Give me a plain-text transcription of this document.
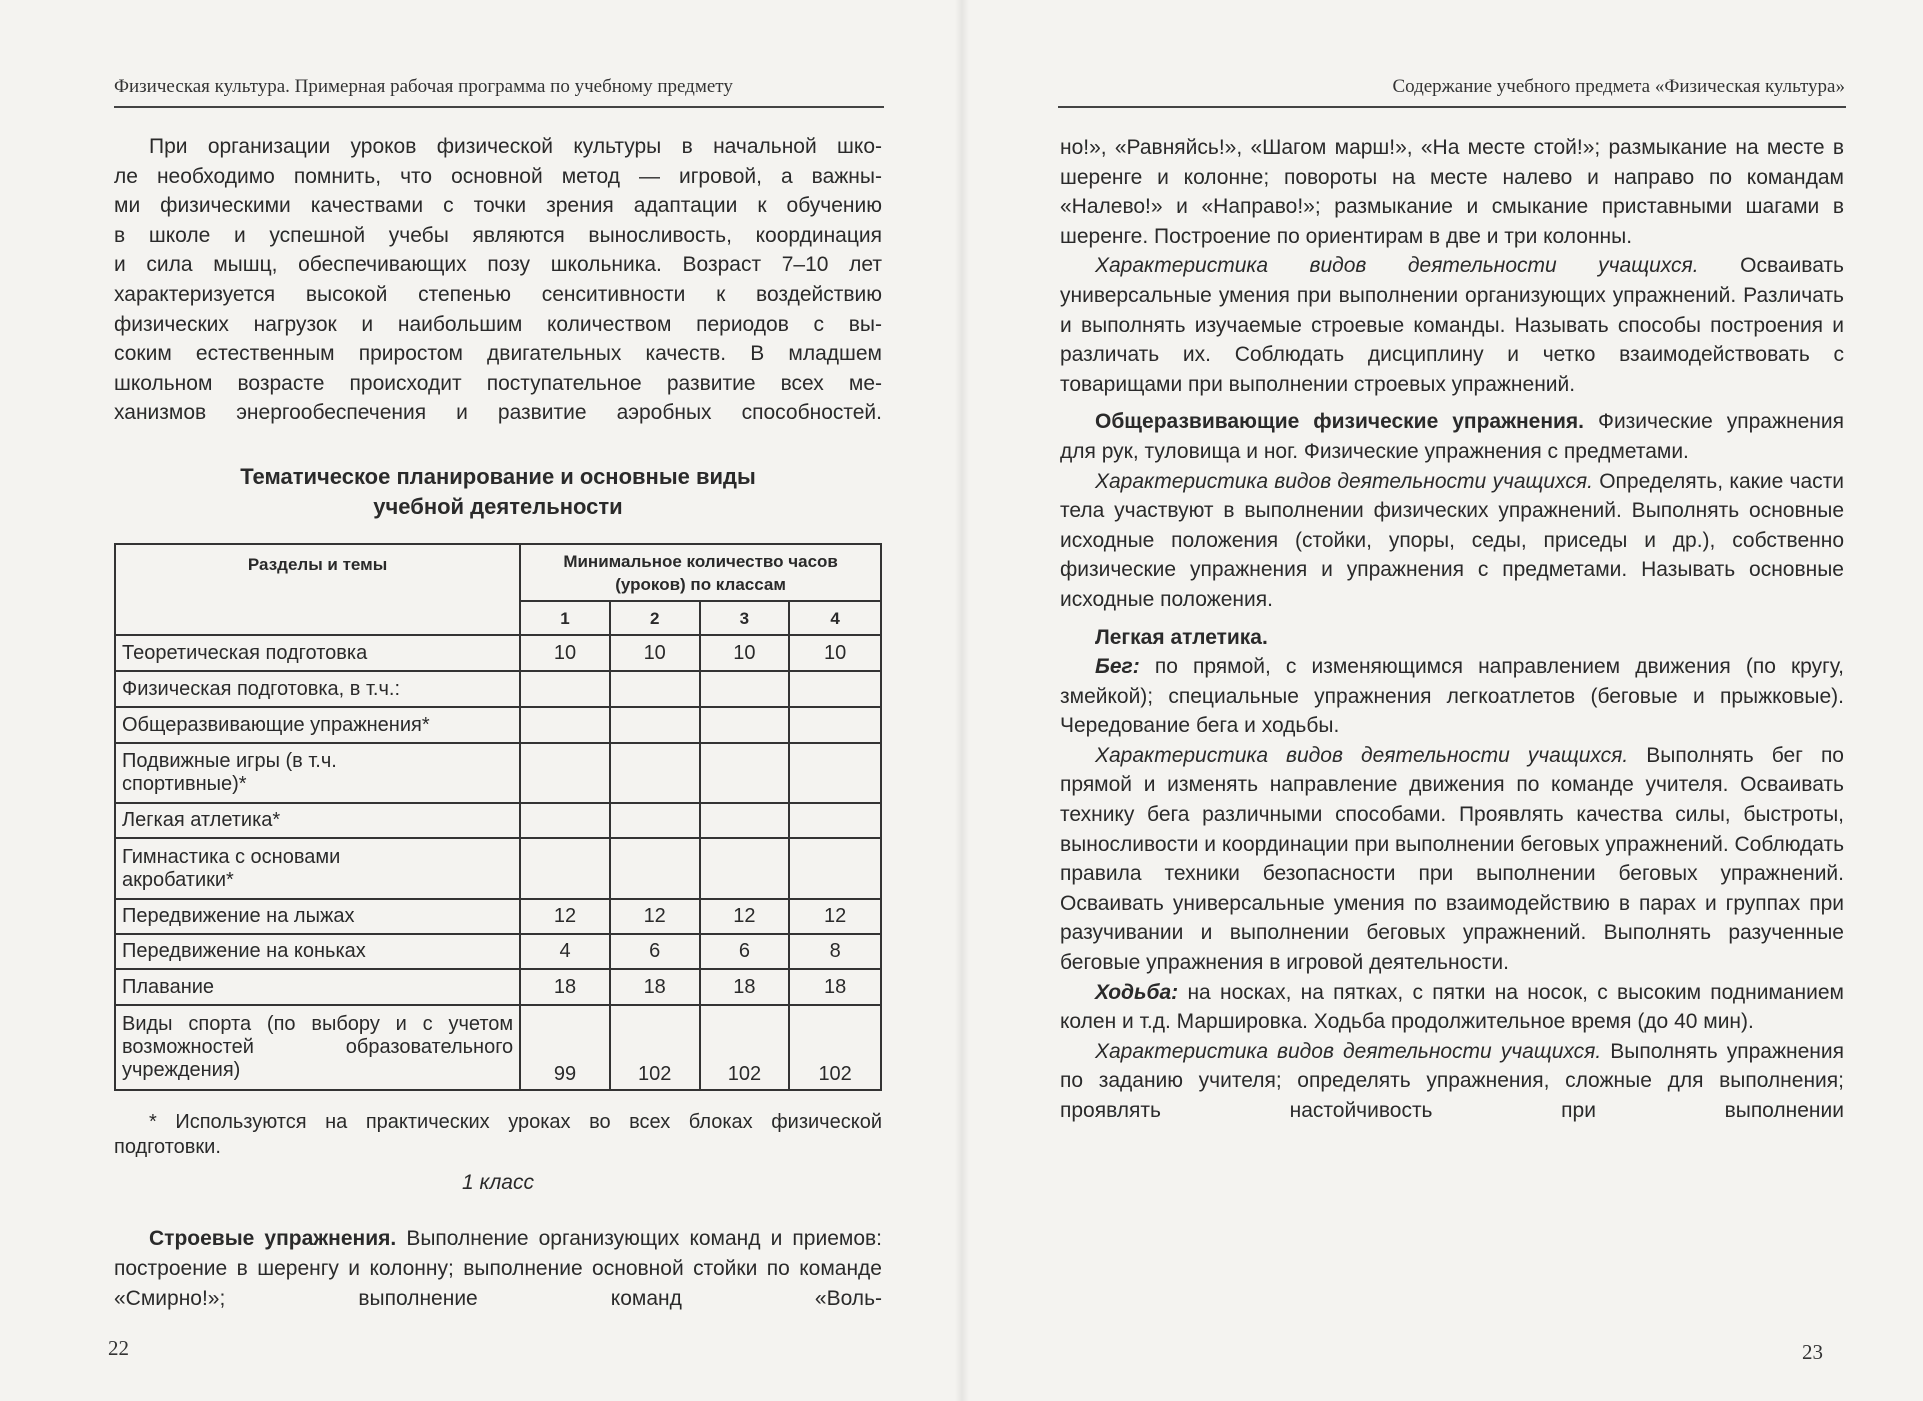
Физическая культура. Примерная рабочая программа по учебному предмету

При организации уроков физической культуры в начальной шко-

ле необходимо помнить, что основной метод — игровой, а важны-

ми физическими качествами с точки зрения адаптации к обучению

в школе и успешной учебы являются выносливость, координация

и сила мышц, обеспечивающих позу школьника. Возраст 7–10 лет

характеризуется высокой степенью сенситивности к воздействию

физических нагрузок и наибольшим количеством периодов с вы-

соким естественным приростом двигательных качеств. В младшем

школьном возрасте происходит поступательное развитие всех ме-

ханизмов энергообеспечения и развитие аэробных способностей.

Тематическое планирование и основные виды
учебной деятельности
Разделы и темы	Минимальное количество часов (уроков) по классам			
	1	2	3	4
Теоретическая подготовка	10	10	10	10
Физическая подготовка, в т.ч.:				
Общеразвивающие упражнения*				
Подвижные игры (в т.ч. спортивные)*				
Легкая атлетика*				
Гимнастика с основами акробатики*				
Передвижение на лыжах	12	12	12	12
Передвижение на коньках	4	6	6	8
Плавание	18	18	18	18
Виды спорта (по выбору и с учетом возможностей образовательного учреждения)	99	102	102	102

* Используются на практических уроках во всех блоках физической подготовки.

1 класс

Строевые упражнения. Выполнение организующих команд и приемов: построение в шеренгу и колонну; выполнение основной стойки по команде «Смирно!»; выполнение команд «Воль-

22
Содержание учебного предмета «Физическая культура»

но!», «Равняйсь!», «Шагом марш!», «На месте стой!»; размыкание на месте в шеренге и колонне; повороты на месте налево и направо по командам «Налево!» и «Направо!»; размыкание и смыкание приставными шагами в шеренге. Построение по ориентирам в две и три колонны.

Характеристика видов деятельности учащихся. Осваивать универсальные умения при выполнении организующих упражнений. Различать и выполнять изучаемые строевые команды. Называть способы построения и различать их. Соблюдать дисциплину и четко взаимодействовать с товарищами при выполнении строевых упражнений.

Общеразвивающие физические упражнения. Физические упражнения для рук, туловища и ног. Физические упражнения с предметами.

Характеристика видов деятельности учащихся. Определять, какие части тела участвуют в выполнении физических упражнений. Выполнять основные исходные положения (стойки, упоры, седы, приседы и др.), собственно физические упражнения и упражнения с предметами. Называть основные исходные положения.

Легкая атлетика.

Бег: по прямой, с изменяющимся направлением движения (по кругу, змейкой); специальные упражнения легкоатлетов (беговые и прыжковые). Чередование бега и ходьбы.

Характеристика видов деятельности учащихся. Выполнять бег по прямой и изменять направление движения по команде учителя. Осваивать технику бега различными способами. Проявлять качества силы, быстроты, выносливости и координации при выполнении беговых упражнений. Соблюдать правила техники безопасности при выполнении беговых упражнений. Осваивать универсальные умения по взаимодействию в парах и группах при разучивании и выполнении беговых упражнений. Выполнять разученные беговые упражнения в игровой деятельности.

Ходьба: на носках, на пятках, с пятки на носок, с высоким подниманием колен и т.д. Маршировка. Ходьба продолжительное время (до 40 мин).

Характеристика видов деятельности учащихся. Выполнять упражнения по заданию учителя; определять упражнения, сложные для выполнения; проявлять настойчивость при выполнении

23
